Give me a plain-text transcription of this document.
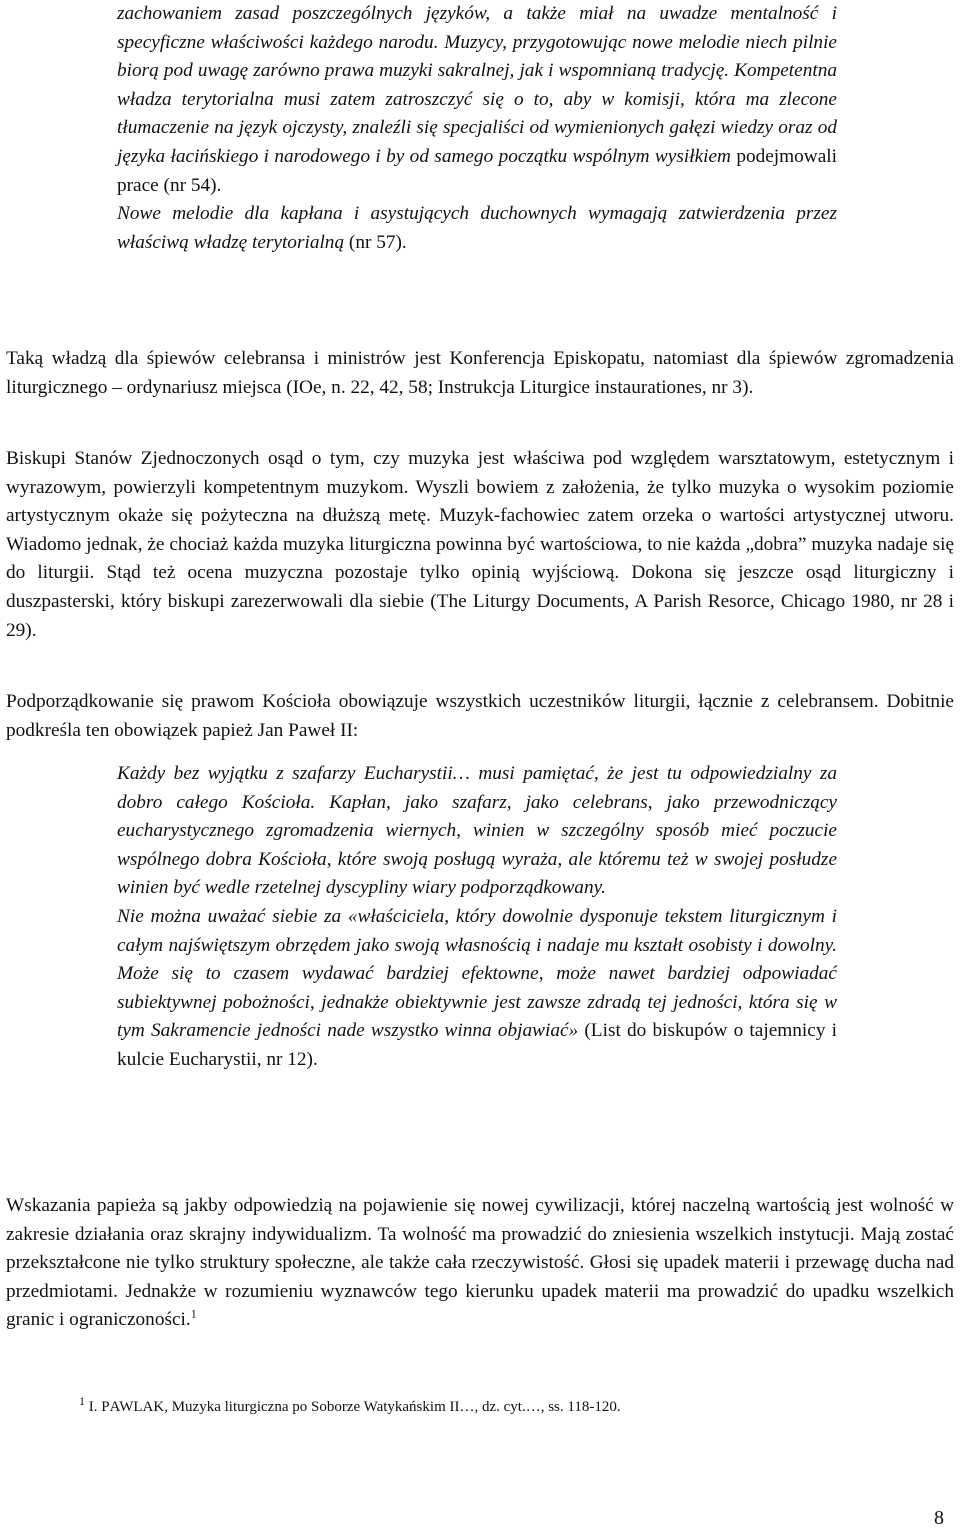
zachowaniem zasad poszczególnych języków, a także miał na uwadze mentalność i specyficzne właściwości każdego narodu. Muzycy, przygotowując nowe melodie niech pilnie biorą pod uwagę zarówno prawa muzyki sakralnej, jak i wspomnianą tradycję. Kompetentna władza terytorialna musi zatem zatroszczyć się o to, aby w komisji, która ma zlecone tłumaczenie na język ojczysty, znaleźli się specjaliści od wymienionych gałęzi wiedzy oraz od języka łacińskiego i narodowego i by od samego początku wspólnym wysiłkiem podejmowali prace (nr 54).

Nowe melodie dla kapłana i asystujących duchownych wymagają zatwierdzenia przez właściwą władzę terytorialną (nr 57).

Taką władzą dla śpiewów celebransa i ministrów jest Konferencja Episkopatu, natomiast dla śpiewów zgromadzenia liturgicznego – ordynariusz miejsca (IOe, n. 22, 42, 58; Instrukcja Liturgice instaurationes, nr 3).

Biskupi Stanów Zjednoczonych osąd o tym, czy muzyka jest właściwa pod względem warsztatowym, estetycznym i wyrazowym, powierzyli kompetentnym muzykom. Wyszli bowiem z założenia, że tylko muzyka o wysokim poziomie artystycznym okaże się pożyteczna na dłuższą metę. Muzyk-fachowiec zatem orzeka o wartości artystycznej utworu. Wiadomo jednak, że chociaż każda muzyka liturgiczna powinna być wartościowa, to nie każda „dobra” muzyka nadaje się do liturgii. Stąd też ocena muzyczna pozostaje tylko opinią wyjściową. Dokona się jeszcze osąd liturgiczny i duszpasterski, który biskupi zarezerwowali dla siebie (The Liturgy Documents, A Parish Resorce, Chicago 1980, nr 28 i 29).

Podporządkowanie się prawom Kościoła obowiązuje wszystkich uczestników liturgii, łącznie z celebransem. Dobitnie podkreśla ten obowiązek papież Jan Paweł II:

Każdy bez wyjątku z szafarzy Eucharystii… musi pamiętać, że jest tu odpowiedzialny za dobro całego Kościoła. Kapłan, jako szafarz, jako celebrans, jako przewodniczący eucharystycznego zgromadzenia wiernych, winien w szczególny sposób mieć poczucie wspólnego dobra Kościoła, które swoją posługą wyraża, ale któremu też w swojej posłudze winien być wedle rzetelnej dyscypliny wiary podporządkowany.

Nie można uważać siebie za «właściciela, który dowolnie dysponuje tekstem liturgicznym i całym najświętszym obrzędem jako swoją własnością i nadaje mu kształt osobisty i dowolny. Może się to czasem wydawać bardziej efektowne, może nawet bardziej odpowiadać subiektywnej pobożności, jednakże obiektywnie jest zawsze zdradą tej jedności, która się w tym Sakramencie jedności nade wszystko winna objawiać» (List do biskupów o tajemnicy i kulcie Eucharystii, nr 12).

Wskazania papieża są jakby odpowiedzią na pojawienie się nowej cywilizacji, której naczelną wartością jest wolność w zakresie działania oraz skrajny indywidualizm. Ta wolność ma prowadzić do zniesienia wszelkich instytucji. Mają zostać przekształcone nie tylko struktury społeczne, ale także cała rzeczywistość. Głosi się upadek materii i przewagę ducha nad przedmiotami. Jednakże w rozumieniu wyznawców tego kierunku upadek materii ma prowadzić do upadku wszelkich granic i ograniczoności.$^1$

$^1$ I. PAWLAK, Muzyka liturgiczna po Soborze Watykańskim II…, dz. cyt.…, ss. 118-120.

8
